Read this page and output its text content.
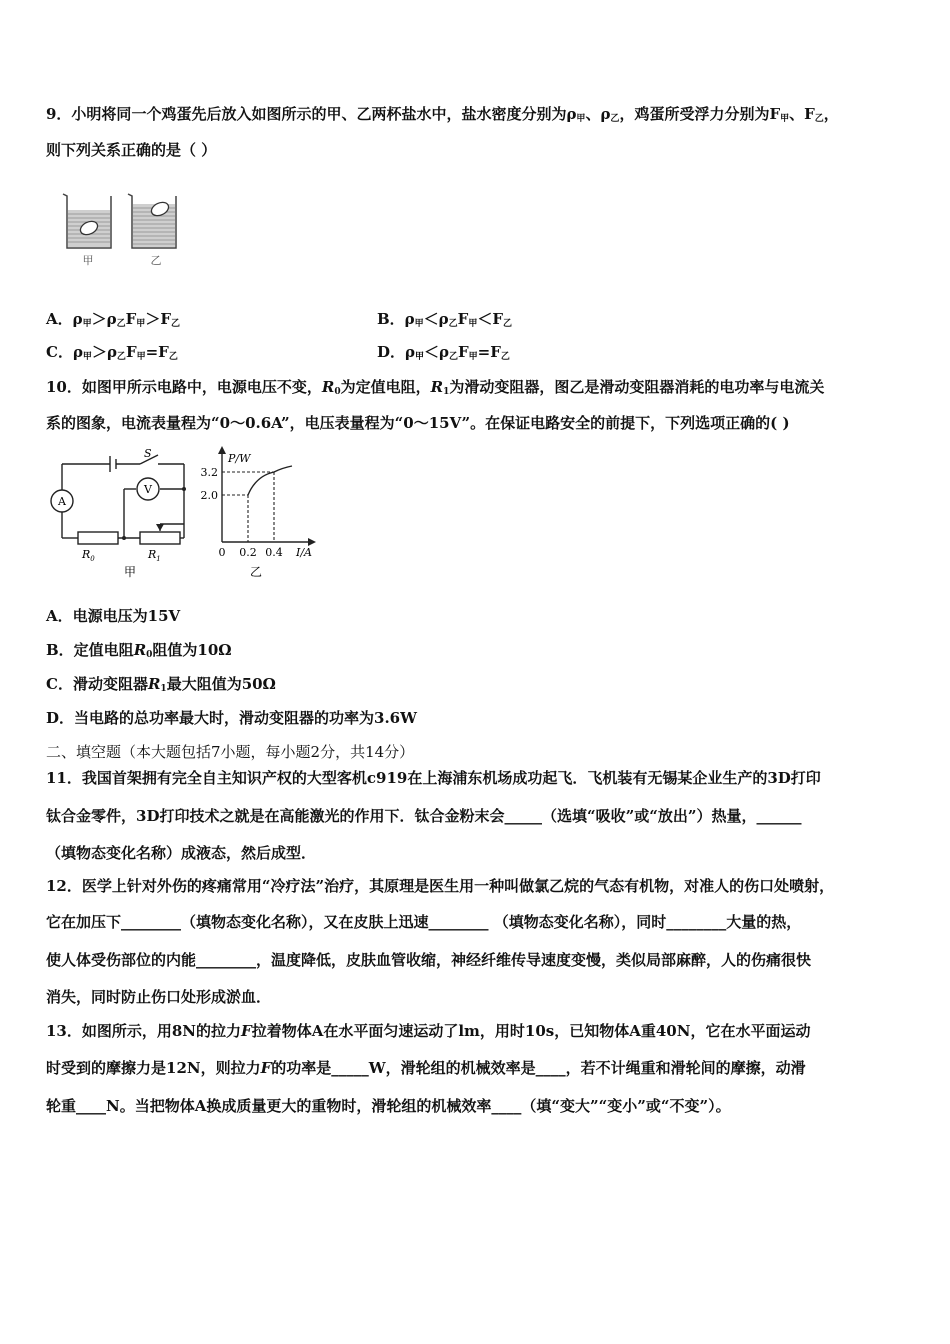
9．小明将同一个鸡蛋先后放入如图所示的甲、乙两杯盐水中，盐水密度分别为$\rho_甲$、$\rho_乙$，鸡蛋所受浮力分别为$F_甲$、$F_乙$，
则下列关系正确的是（ ）
甲	乙
A．$\rho_甲>\rho_乙F_甲>F_乙$	B．$\rho_甲<\rho_乙F_甲<F_乙$
C．$\rho_甲>\rho_乙F_甲=F_乙$	D．$\rho_甲<\rho_乙F_甲=F_乙$
10．如图甲所示电路中，电源电压不变，$R_0$为定值电阻，$R_1$为滑动变阻器，图乙是滑动变阻器消耗的电功率与电流关
系的图象，电流表量程为“0～0.6A”，电压表量程为“0～15V”。在保证电路安全的前提下，下列选项正确的( )
A
V
S
$R_0$	$R_1$
甲
P/W
3.2
2.0
0 0.2 0.4 I/A
乙
A．电源电压为15V
B．定值电阻$R_0$阻值为10Ω
C．滑动变阻器$R_1$最大阻值为50Ω
D．当电路的总功率最大时，滑动变阻器的功率为3.6W
二、填空题（本大题包括7小题，每小题2分，共14分）
11．我国首架拥有完全自主知识产权的大型客机c919在上海浦东机场成功起飞．飞机装有无锡某企业生产的3D打印
钛合金零件，3D打印技术之就是在高能激光的作用下．钛合金粉末会_____（选填“吸收”或“放出”）热量，______
（填物态变化名称）成液态，然后成型．
12．医学上针对外伤的疼痛常用“冷疗法”治疗，其原理是医生用一种叫做氯乙烷的气态有机物，对准人的伤口处喷射，
它在加压下________（填物态变化名称），又在皮肤上迅速________ （填物态变化名称），同时________大量的热，
使人体受伤部位的内能________，温度降低，皮肤血管收缩，神经纤维传导速度变慢，类似局部麻醉，人的伤痛很快
消失，同时防止伤口处形成淤血．
13．如图所示，用8N的拉力F拉着物体A在水平面匀速运动了lm，用时10s，已知物体A重40N，它在水平面运动
时受到的摩擦力是12N，则拉力F的功率是_____W，滑轮组的机械效率是____，若不计绳重和滑轮间的摩擦，动滑
轮重____N。当把物体A换成质量更大的重物时，滑轮组的机械效率____（填“变大”“变小”或“不变”）。
